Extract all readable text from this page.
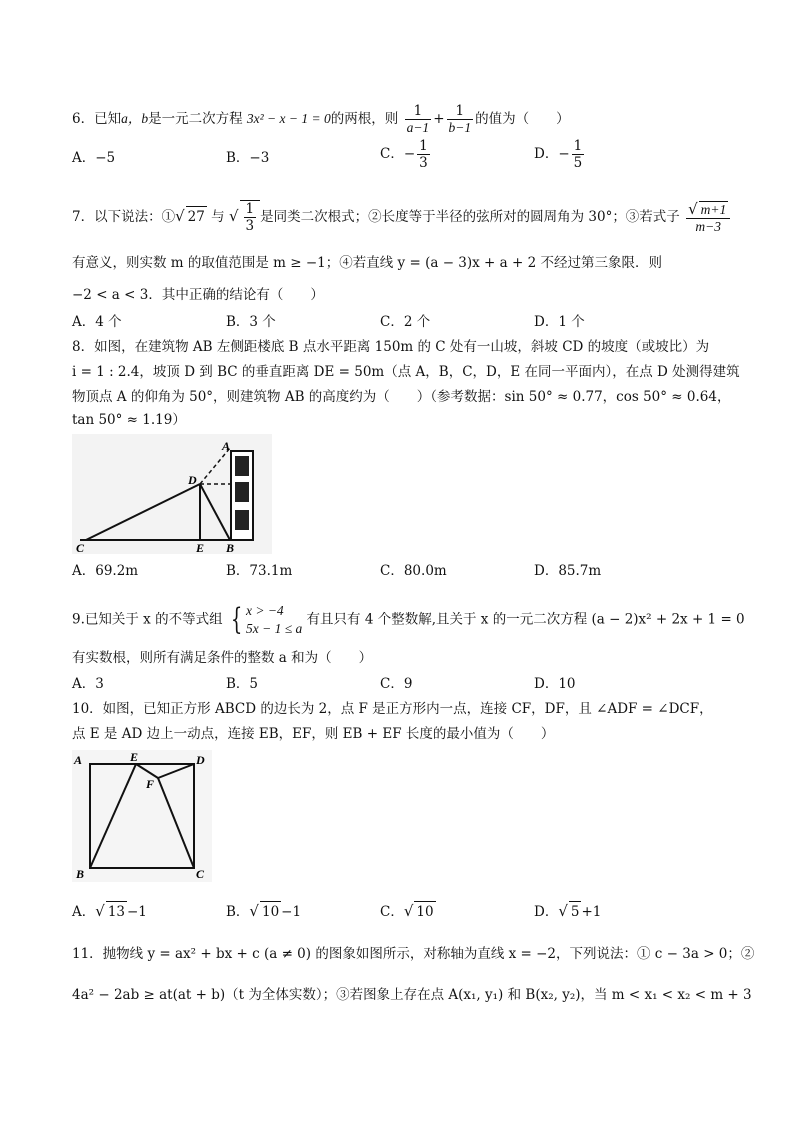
6．已知a，b是一元二次方程 3x² − x − 1 = 0的两根，则 $\frac{1}{a-1} + \frac{1}{b-1}$ 的值为（　　）
A．−5	B．−3	C．− $\frac{1}{3}$	D．− $\frac{1}{5}$
7．以下说法：①√ 27 与 √ $\frac{1}{3}$ 是同类二次根式；②长度等于半径的弦所对的圆周角为 30°；③若式子 $\frac{√ m+1}{m-3}$
有意义，则实数 m 的取值范围是 m ≥ −1；④若直线 y = (a − 3)x + a + 2 不经过第三象限．则
−2 < a < 3．其中正确的结论有（　　）
A．4 个	B．3 个	C．2 个	D．1 个
8．如图，在建筑物 AB 左侧距楼底 B 点水平距离 150m 的 C 处有一山坡，斜坡 CD 的坡度（或坡比）为
i = 1 : 2.4，坡顶 D 到 BC 的垂直距离 DE = 50m（点 A，B，C，D，E 在同一平面内），在点 D 处测得建筑
物顶点 A 的仰角为 50°，则建筑物 AB 的高度约为（　　）（参考数据：sin 50° ≈ 0.77，cos 50° ≈ 0.64，
tan 50° ≈ 1.19）
A
D
C	E B
A．69.2m	B．73.1m	C．80.0m	D．85.7m
9.已知关于 x 的不等式组 { x > −4
5x − 1 ≤ a
有且只有 4 个整数解,且关于 x 的一元二次方程 (a − 2)x² + 2x + 1 = 0
有实数根，则所有满足条件的整数 a 和为（　　）
A．3	B．5	C．9	D．10
10．如图，已知正方形 ABCD 的边长为 2，点 F 是正方形内一点，连接 CF，DF，且 ∠ADF = ∠DCF，
点 E 是 AD 边上一动点，连接 EB，EF，则 EB + EF 长度的最小值为（　　）
A	E	D
F
B	C
A．√ 13 −1	B．√ 10 −1	C．√ 10	D．√ 5 +1
11．抛物线 y = ax² + bx + c (a ≠ 0) 的图象如图所示，对称轴为直线 x = −2，下列说法：① c − 3a > 0；②
4a² − 2ab ≥ at(at + b)（t 为全体实数）；③若图象上存在点 A(x₁, y₁) 和 B(x₂, y₂)，当 m < x₁ < x₂ < m + 3
